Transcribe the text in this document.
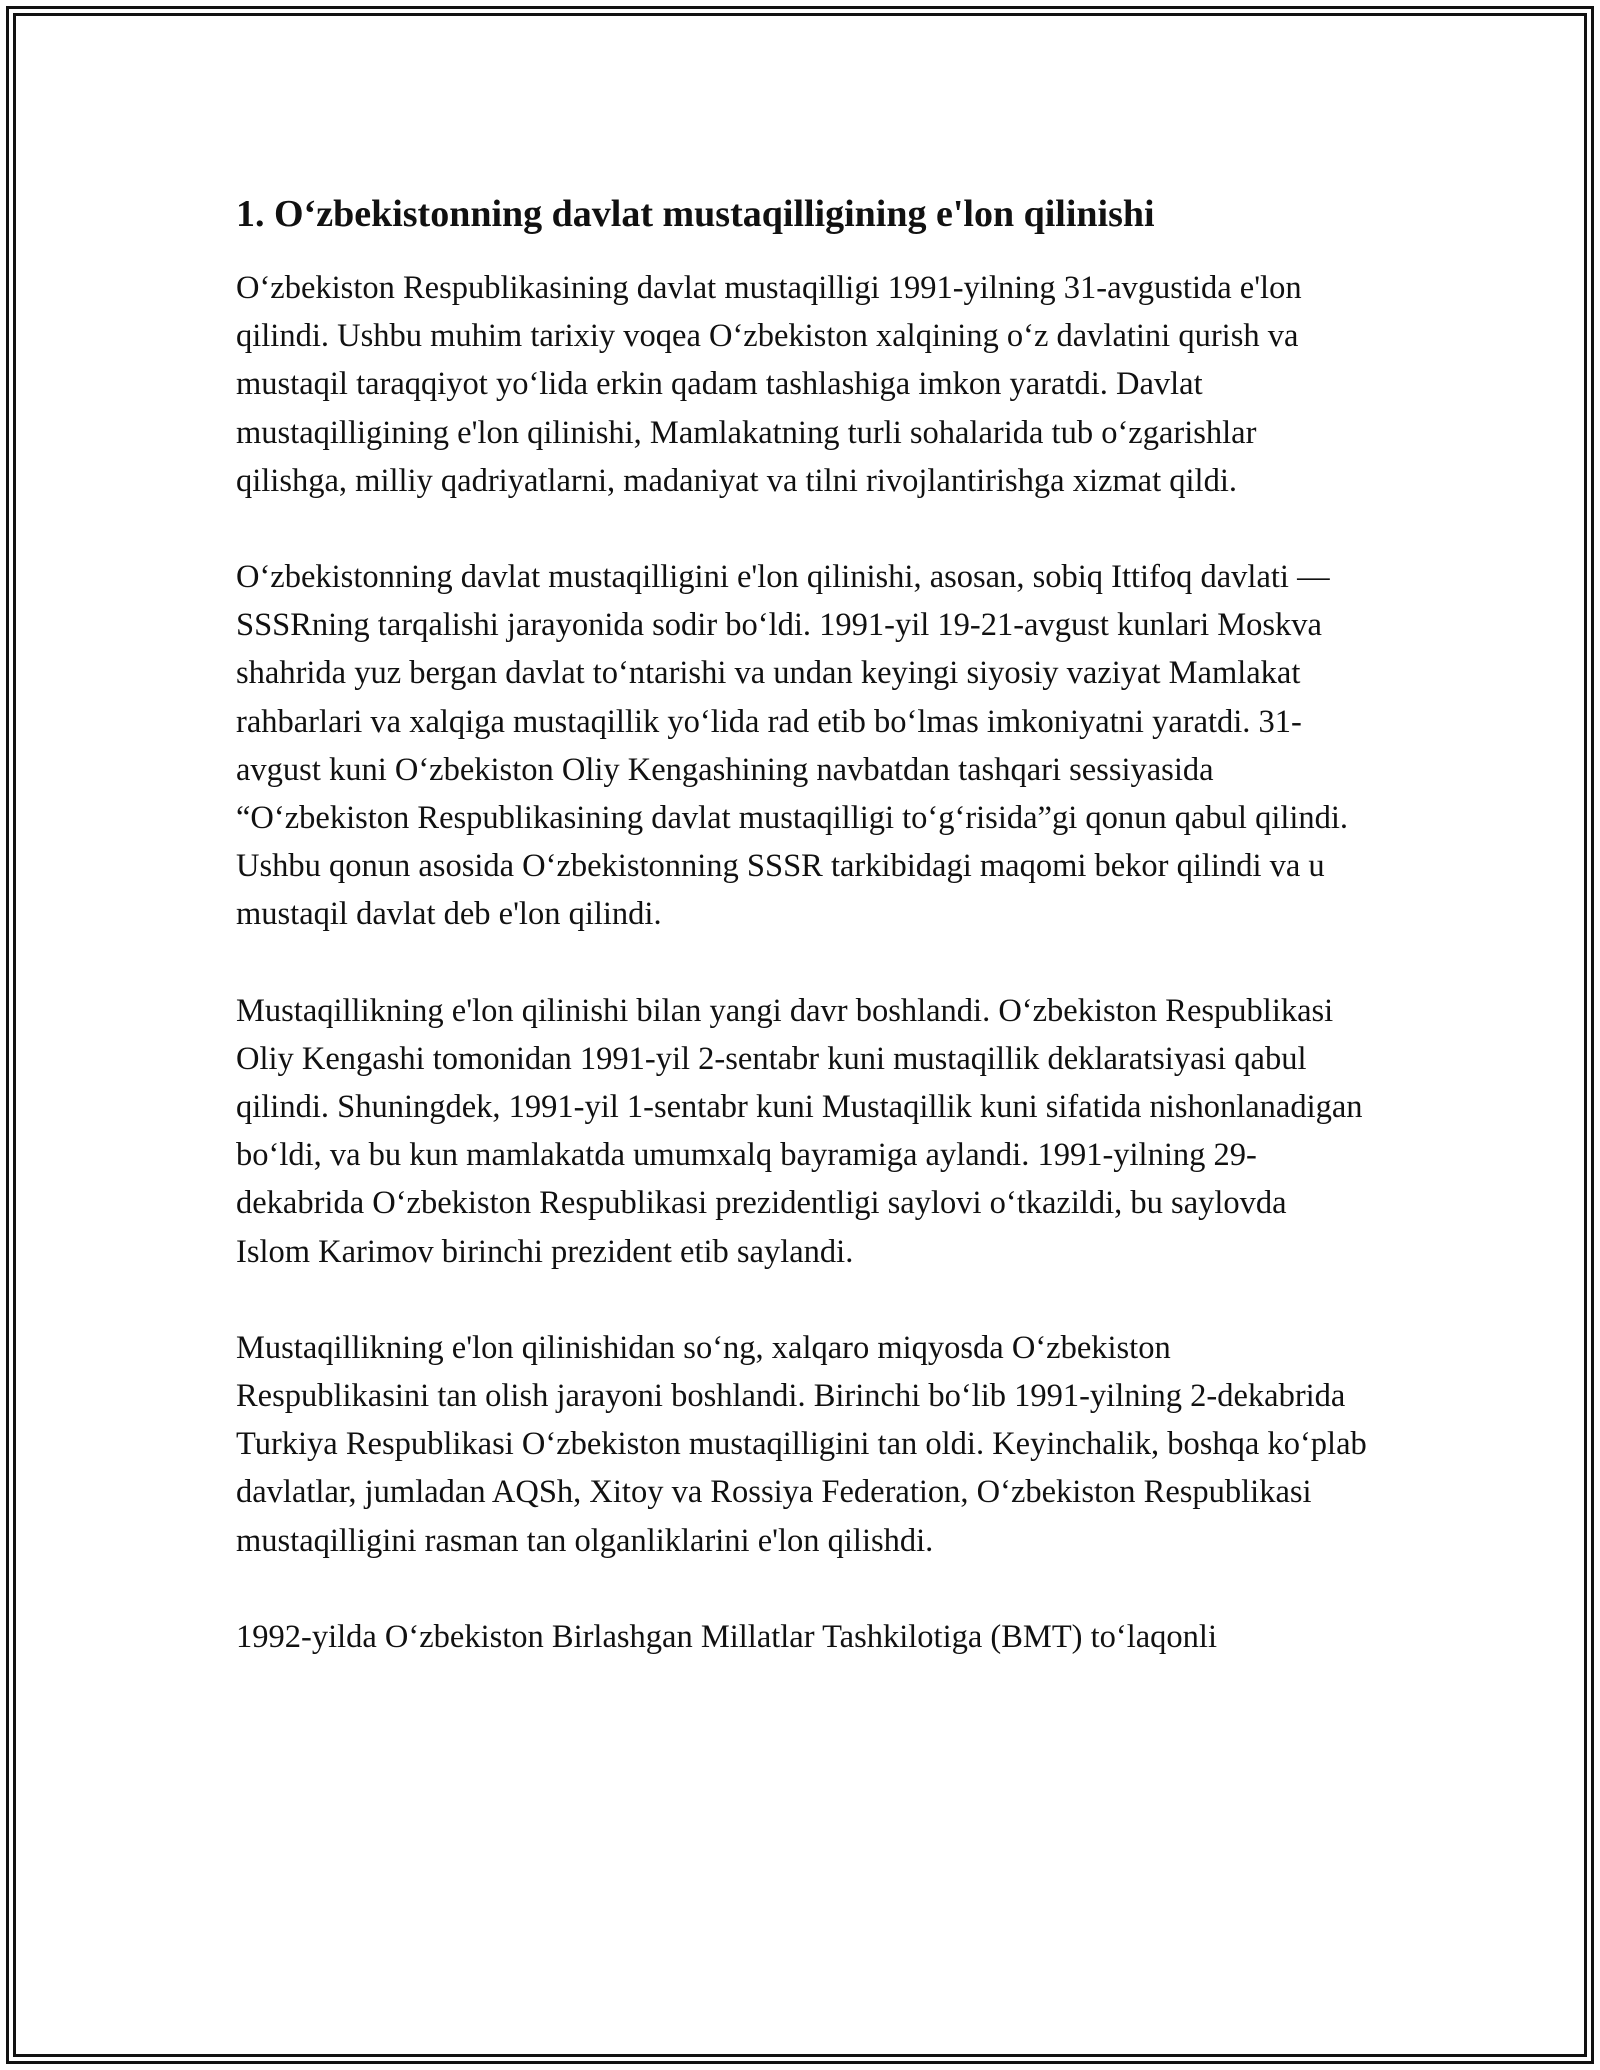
1. O‘zbekistonning davlat mustaqilligining e'lon qilinishi

O‘zbekiston Respublikasining davlat mustaqilligi 1991-yilning 31-avgustida e'lon qilindi. Ushbu muhim tarixiy voqea O‘zbekiston xalqining o‘z davlatini qurish va mustaqil taraqqiyot yo‘lida erkin qadam tashlashiga imkon yaratdi. Davlat mustaqilligining e'lon qilinishi, Mamlakatning turli sohalarida tub o‘zgarishlar qilishga, milliy qadriyatlarni, madaniyat va tilni rivojlantirishga xizmat qildi.

O‘zbekistonning davlat mustaqilligini e'lon qilinishi, asosan, sobiq Ittifoq davlati — SSSRning tarqalishi jarayonida sodir bo‘ldi. 1991-yil 19-21-avgust kunlari Moskva shahrida yuz bergan davlat to‘ntarishi va undan keyingi siyosiy vaziyat Mamlakat rahbarlari va xalqiga mustaqillik yo‘lida rad etib bo‘lmas imkoniyatni yaratdi. 31-avgust kuni O‘zbekiston Oliy Kengashining navbatdan tashqari sessiyasida “O‘zbekiston Respublikasining davlat mustaqilligi to‘g‘risida”gi qonun qabul qilindi. Ushbu qonun asosida O‘zbekistonning SSSR tarkibidagi maqomi bekor qilindi va u mustaqil davlat deb e'lon qilindi.

Mustaqillikning e'lon qilinishi bilan yangi davr boshlandi. O‘zbekiston Respublikasi Oliy Kengashi tomonidan 1991-yil 2-sentabr kuni mustaqillik deklaratsiyasi qabul qilindi. Shuningdek, 1991-yil 1-sentabr kuni Mustaqillik kuni sifatida nishonlanadigan bo‘ldi, va bu kun mamlakatda umumxalq bayramiga aylandi. 1991-yilning 29-dekabrida O‘zbekiston Respublikasi prezidentligi saylovi o‘tkazildi, bu saylovda Islom Karimov birinchi prezident etib saylandi.

Mustaqillikning e'lon qilinishidan so‘ng, xalqaro miqyosda O‘zbekiston Respublikasini tan olish jarayoni boshlandi. Birinchi bo‘lib 1991-yilning 2-dekabrida Turkiya Respublikasi O‘zbekiston mustaqilligini tan oldi. Keyinchalik, boshqa ko‘plab davlatlar, jumladan AQSh, Xitoy va Rossiya Federation, O‘zbekiston Respublikasi mustaqilligini rasman tan olganliklarini e'lon qilishdi.

1992-yilda O‘zbekiston Birlashgan Millatlar Tashkilotiga (BMT) to‘laqonli
